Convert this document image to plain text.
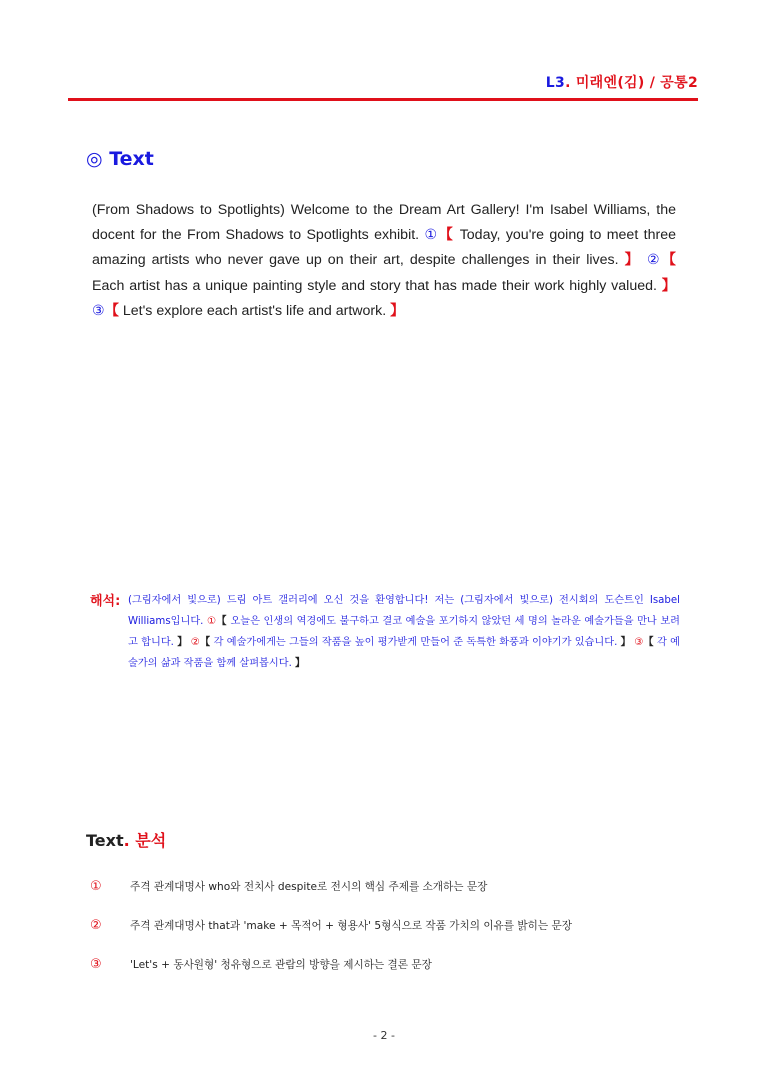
L3. 미래엔(김) / 공통2
◎ Text
(From Shadows to Spotlights) Welcome to the Dream Art Gallery! I'm Isabel Williams, the docent for the From Shadows to Spotlights exhibit. ①【 Today, you're going to meet three amazing artists who never gave up on their art, despite challenges in their lives. 】 ②【 Each artist has a unique painting style and story that has made their work highly valued. 】 ③【 Let's explore each artist's life and artwork. 】
해석: (그림자에서 빛으로) 드림 아트 갤러리에 오신 것을 환영합니다! 저는 (그림자에서 빛으로) 전시회의 도슨트인 Isabel Williams입니다. ①【 오늘은 인생의 역경에도 불구하고 결코 예술을 포기하지 않았던 세 명의 놀라운 예술가들을 만나 보려고 합니다. 】 ②【 각 예술가에게는 그들의 작품을 높이 평가받게 만들어 준 독특한 화풍과 이야기가 있습니다. 】 ③【 각 예술가의 삶과 작품을 함께 살펴봅시다. 】
Text. 분석
①	주격 관계대명사 who와 전치사 despite로 전시의 핵심 주제를 소개하는 문장
②	주격 관계대명사 that과 'make + 목적어 + 형용사' 5형식으로 작품 가치의 이유를 밝히는 문장
③	'Let's + 동사원형' 청유형으로 관람의 방향을 제시하는 결론 문장
- 2 -
